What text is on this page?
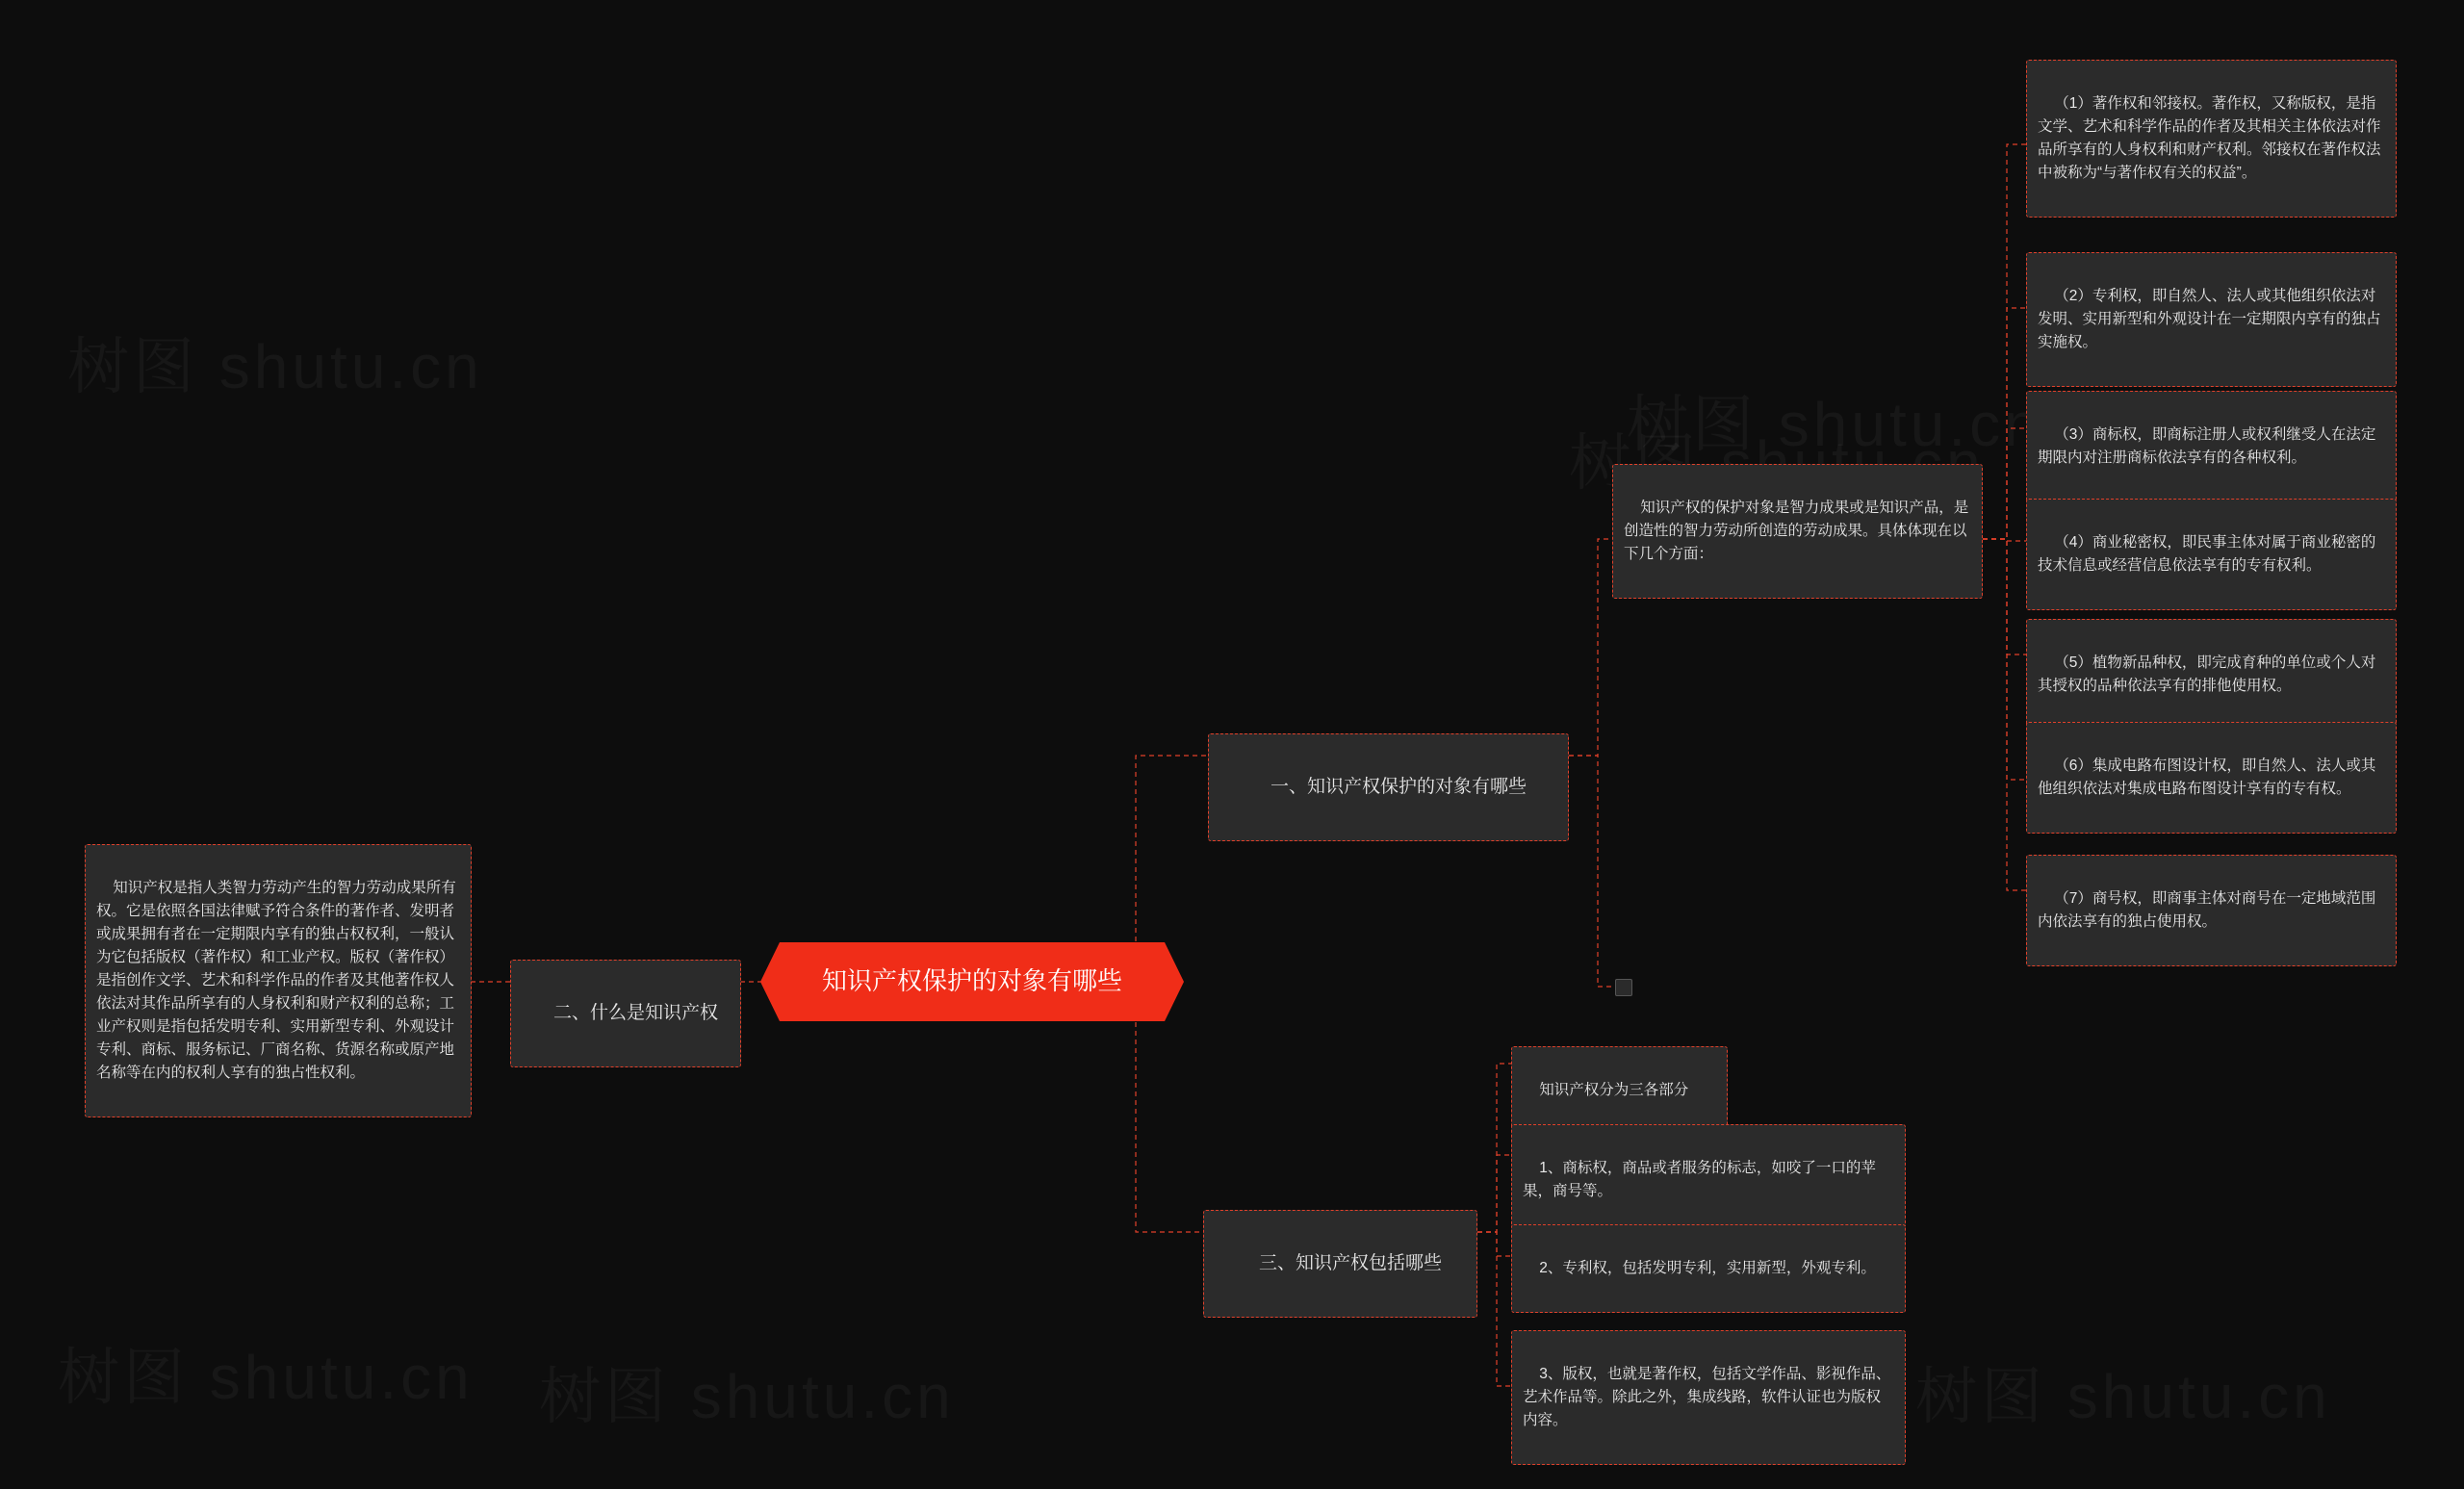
知识产权保护的对象有哪些

一、知识产权保护的对象有哪些

二、什么是知识产权

三、知识产权包括哪些

知识产权是指人类智力劳动产生的智力劳动成果所有权。它是依照各国法律赋予符合条件的著作者、发明者或成果拥有者在一定期限内享有的独占权权利，一般认为它包括版权（著作权）和工业产权。版权（著作权）是指创作文学、艺术和科学作品的作者及其他著作权人依法对其作品所享有的人身权利和财产权利的总称；工业产权则是指包括发明专利、实用新型专利、外观设计专利、商标、服务标记、厂商名称、货源名称或原产地名称等在内的权利人享有的独占性权利。

知识产权的保护对象是智力成果或是知识产品，是创造性的智力劳动所创造的劳动成果。具体体现在以下几个方面：

（1）著作权和邻接权。著作权，又称版权，是指文学、艺术和科学作品的作者及其相关主体依法对作品所享有的人身权利和财产权利。邻接权在著作权法中被称为“与著作权有关的权益”。

（2）专利权，即自然人、法人或其他组织依法对发明、实用新型和外观设计在一定期限内享有的独占实施权。

（3）商标权，即商标注册人或权利继受人在法定期限内对注册商标依法享有的各种权利。

（4）商业秘密权，即民事主体对属于商业秘密的技术信息或经营信息依法享有的专有权利。

（5）植物新品种权，即完成育种的单位或个人对其授权的品种依法享有的排他使用权。

（6）集成电路布图设计权，即自然人、法人或其他组织依法对集成电路布图设计享有的专有权。

（7）商号权，即商事主体对商号在一定地域范围内依法享有的独占使用权。

知识产权分为三各部分

1、商标权，商品或者服务的标志，如咬了一口的苹果，商号等。

2、专利权，包括发明专利，实用新型，外观专利。

3、版权，也就是著作权，包括文学作品、影视作品、艺术作品等。除此之外，集成线路，软件认证也为版权内容。
